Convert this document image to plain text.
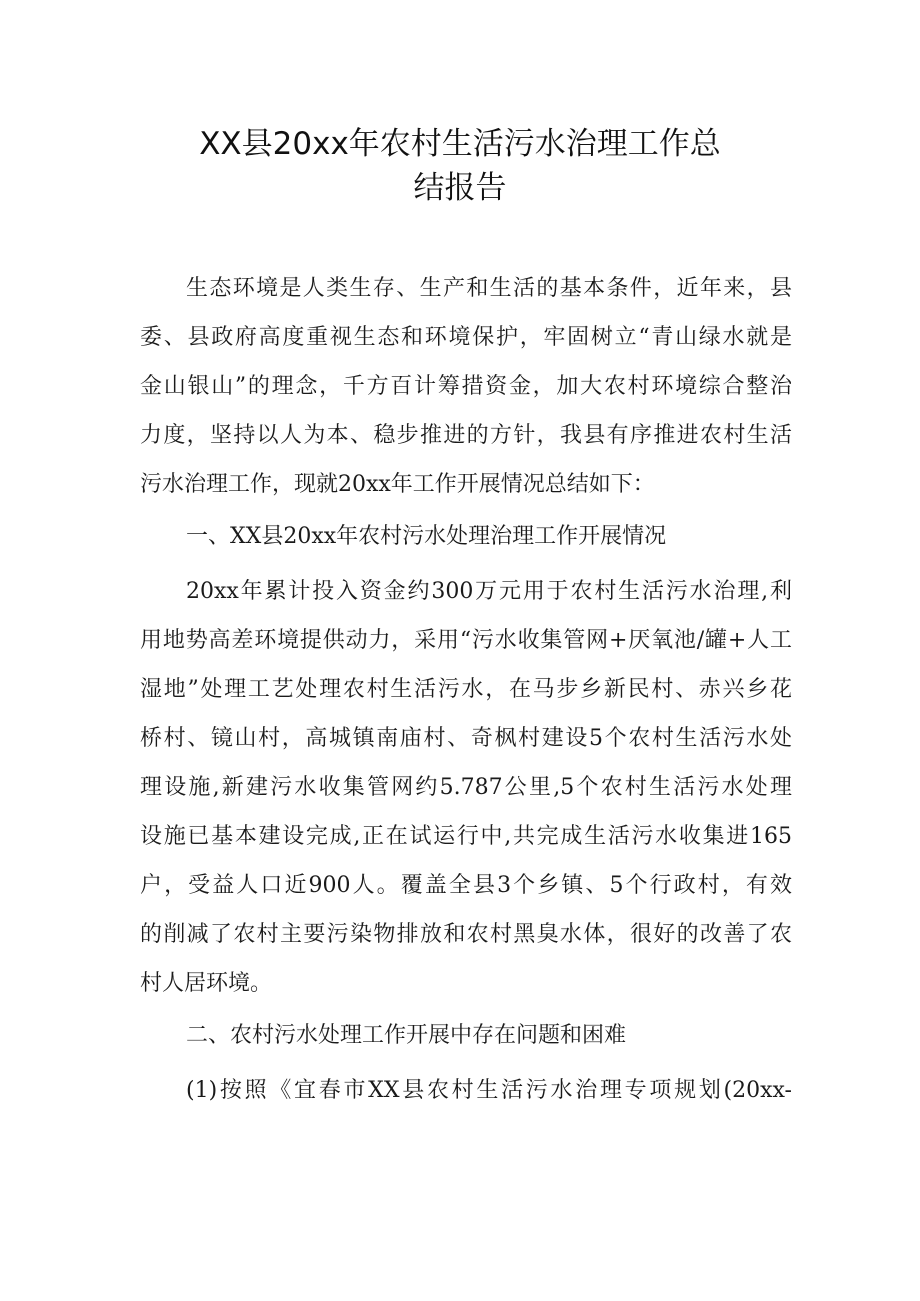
XX县20xx年农村生活污水治理工作总
结报告
生态环境是人类生存、生产和生活的基本条件，近年来，县
委、县政府高度重视生态和环境保护，牢固树立“青山绿水就是
金山银山”的理念，千方百计筹措资金，加大农村环境综合整治
力度，坚持以人为本、稳步推进的方针，我县有序推进农村生活
污水治理工作，现就20xx年工作开展情况总结如下：
一、XX县20xx年农村污水处理治理工作开展情况
20xx年累计投入资金约300万元用于农村生活污水治理,利
用地势高差环境提供动力，采用“污水收集管网+厌氧池/罐+人工
湿地”处理工艺处理农村生活污水，在马步乡新民村、赤兴乡花
桥村、镜山村，高城镇南庙村、奇枫村建设5个农村生活污水处
理设施,新建污水收集管网约5.787公里,5个农村生活污水处理
设施已基本建设完成,正在试运行中,共完成生活污水收集进165
户，受益人口近900人。覆盖全县3个乡镇、5个行政村，有效
的削减了农村主要污染物排放和农村黑臭水体，很好的改善了农
村人居环境。
二、农村污水处理工作开展中存在问题和困难
(1)按照《宜春市XX县农村生活污水治理专项规划(20xx-
